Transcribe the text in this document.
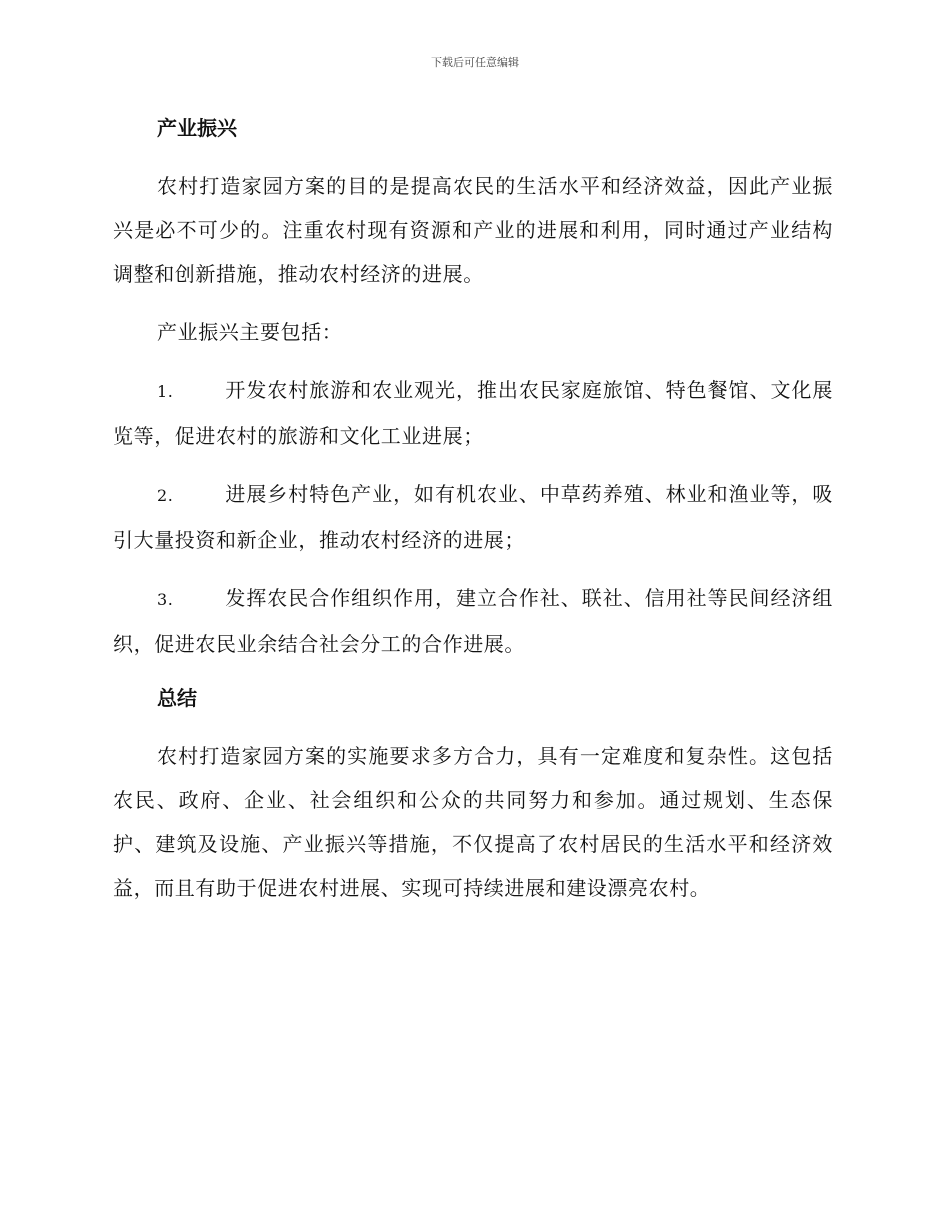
下载后可任意编辑
产业振兴

农村打造家园方案的目的是提高农民的生活水平和经济效益，因此产业振兴是必不可少的。注重农村现有资源和产业的进展和利用，同时通过产业结构调整和创新措施，推动农村经济的进展。

产业振兴主要包括：

1.	开发农村旅游和农业观光，推出农民家庭旅馆、特色餐馆、文化展览等，促进农村的旅游和文化工业进展；

2.	进展乡村特色产业，如有机农业、中草药养殖、林业和渔业等，吸引大量投资和新企业，推动农村经济的进展；

3.	发挥农民合作组织作用，建立合作社、联社、信用社等民间经济组织，促进农民业余结合社会分工的合作进展。

总结

农村打造家园方案的实施要求多方合力，具有一定难度和复杂性。这包括农民、政府、企业、社会组织和公众的共同努力和参加。通过规划、生态保护、建筑及设施、产业振兴等措施，不仅提高了农村居民的生活水平和经济效益，而且有助于促进农村进展、实现可持续进展和建设漂亮农村。
